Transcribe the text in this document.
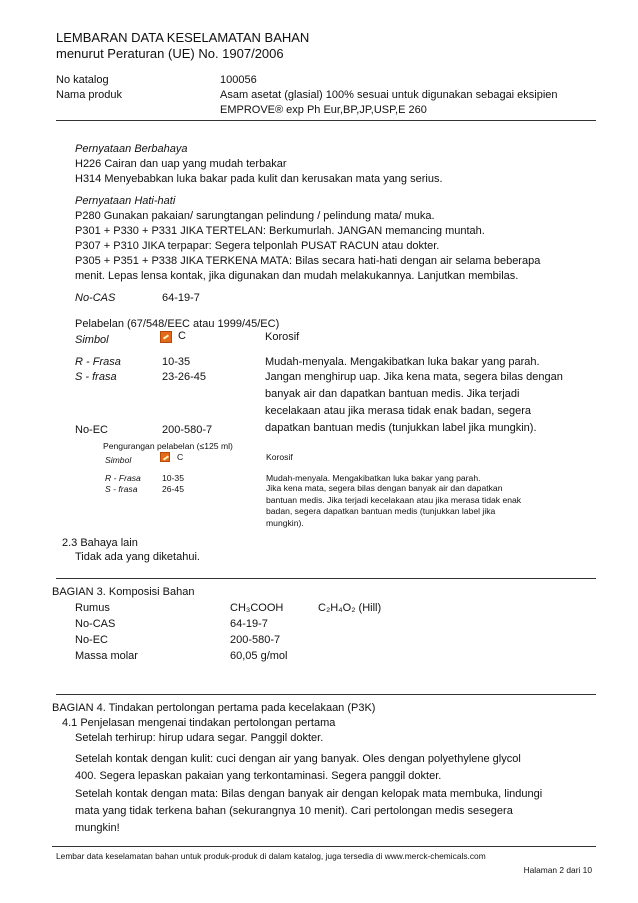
LEMBARAN DATA KESELAMATAN BAHAN
menurut Peraturan (UE) No. 1907/2006
No katalog	100056
Nama produk	Asam asetat (glasial) 100% sesuai untuk digunakan sebagai eksipien
EMPROVE® exp Ph Eur,BP,JP,USP,E 260
Pernyataan Berbahaya
H226 Cairan dan uap yang mudah terbakar
H314 Menyebabkan luka bakar pada kulit dan kerusakan mata yang serius.
Pernyataan Hati-hati
P280 Gunakan pakaian/ sarungtangan pelindung / pelindung mata/ muka.
P301 + P330 + P331 JIKA TERTELAN: Berkumurlah. JANGAN memancing muntah.
P307 + P310 JIKA terpapar: Segera telponlah PUSAT RACUN atau dokter.
P305 + P351 + P338 JIKA TERKENA MATA: Bilas secara hati-hati dengan air selama beberapa
menit. Lepas lensa kontak, jika digunakan dan mudah melakukannya. Lanjutkan membilas.
No-CAS	64-19-7
Pelabelan (67/548/EEC atau 1999/45/EC)
Simbol	C	Korosif
R - Frasa	10-35	Mudah-menyala. Mengakibatkan luka bakar yang parah.
S - frasa	23-26-45	Jangan menghirup uap. Jika kena mata, segera bilas dengan banyak air dan dapatkan bantuan medis. Jika terjadi kecelakaan atau jika merasa tidak enak badan, segera dapatkan bantuan medis (tunjukkan label jika mungkin).
No-EC	200-580-7
Pengurangan pelabelan (≤125 ml)
Simbol	C	Korosif
R - Frasa 10-35	Mudah-menyala. Mengakibatkan luka bakar yang parah.
S - frasa	26-45	Jika kena mata, segera bilas dengan banyak air dan dapatkan bantuan medis. Jika terjadi kecelakaan atau jika merasa tidak enak badan, segera dapatkan bantuan medis (tunjukkan label jika mungkin).
2.3 Bahaya lain
Tidak ada yang diketahui.
BAGIAN 3. Komposisi Bahan
Rumus	CH₃COOH	C₂H₄O₂ (Hill)
No-CAS	64-19-7
No-EC	200-580-7
Massa molar	60,05 g/mol
BAGIAN 4. Tindakan pertolongan pertama pada kecelakaan (P3K)
4.1 Penjelasan mengenai tindakan pertolongan pertama
Setelah terhirup: hirup udara segar. Panggil dokter.
Setelah kontak dengan kulit: cuci dengan air yang banyak. Oles dengan polyethylene glycol 400. Segera lepaskan pakaian yang terkontaminasi. Segera panggil dokter.
Setelah kontak dengan mata: Bilas dengan banyak air dengan kelopak mata membuka, lindungi mata yang tidak terkena bahan (sekurangnya 10 menit). Cari pertolongan medis sesegera mungkin!
Lembar data keselamatan bahan untuk produk-produk di dalam katalog, juga tersedia di www.merck-chemicals.com
Halaman 2 dari 10
